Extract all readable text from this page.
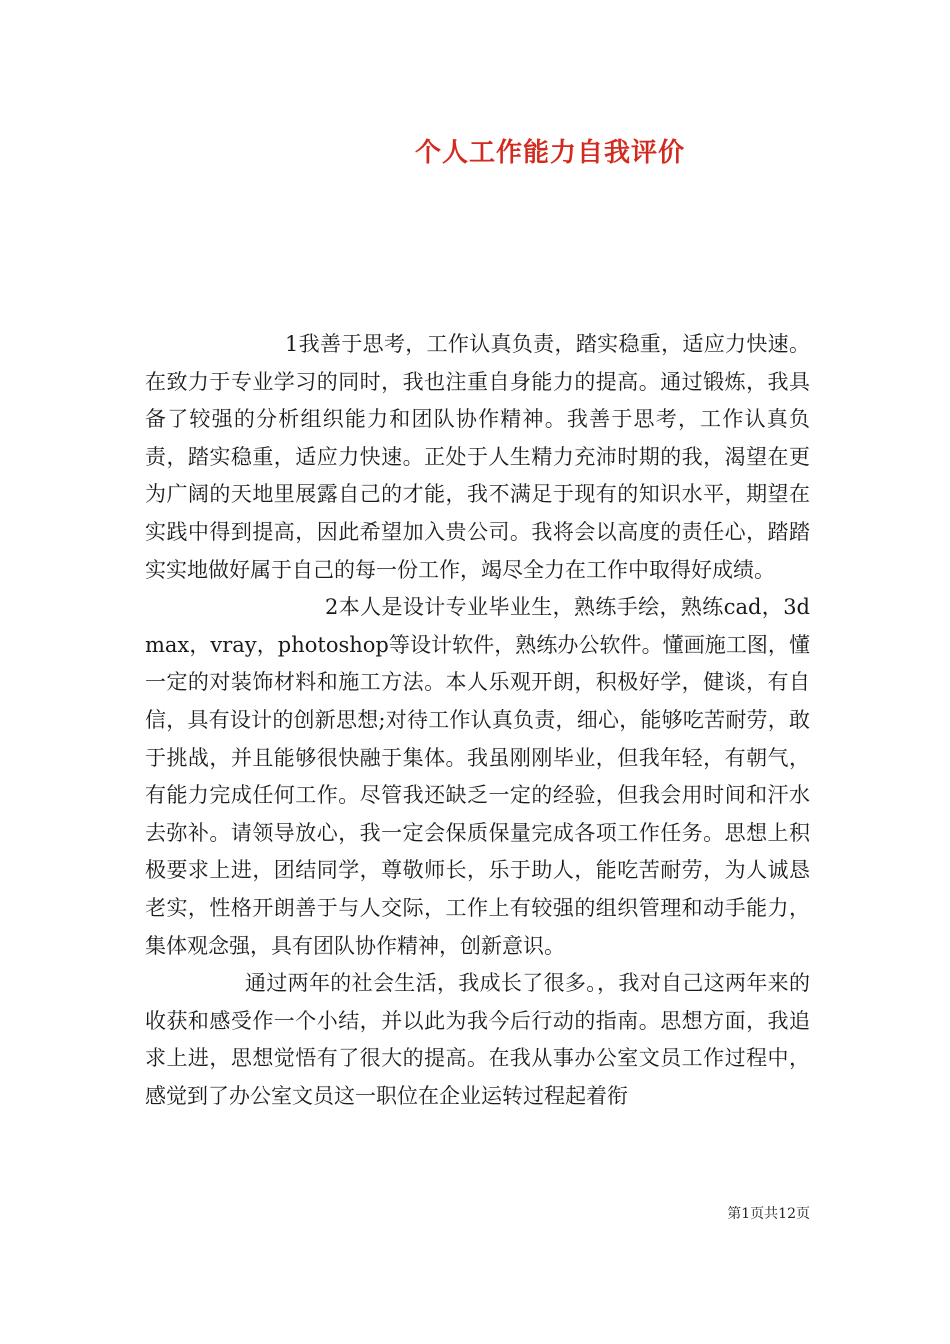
个人工作能力自我评价

1我善于思考，工作认真负责，踏实稳重，适应力快速。在致力于专业学习的同时，我也注重自身能力的提高。通过锻炼，我具备了较强的分析组织能力和团队协作精神。我善于思考，工作认真负责，踏实稳重，适应力快速。正处于人生精力充沛时期的我，渴望在更为广阔的天地里展露自己的才能，我不满足于现有的知识水平，期望在实践中得到提高，因此希望加入贵公司。我将会以高度的责任心，踏踏实实地做好属于自己的每一份工作，竭尽全力在工作中取得好成绩。

2本人是设计专业毕业生，熟练手绘，熟练cad，3dmax，vray，photoshop等设计软件，熟练办公软件。懂画施工图，懂一定的对装饰材料和施工方法。本人乐观开朗，积极好学，健谈，有自信，具有设计的创新思想;对待工作认真负责，细心，能够吃苦耐劳，敢于挑战，并且能够很快融于集体。我虽刚刚毕业，但我年轻，有朝气，有能力完成任何工作。尽管我还缺乏一定的经验，但我会用时间和汗水去弥补。请领导放心，我一定会保质保量完成各项工作任务。思想上积极要求上进，团结同学，尊敬师长，乐于助人，能吃苦耐劳，为人诚恳老实，性格开朗善于与人交际，工作上有较强的组织管理和动手能力，集体观念强，具有团队协作精神，创新意识。

通过两年的社会生活，我成长了很多。，我对自己这两年来的收获和感受作一个小结，并以此为我今后行动的指南。思想方面，我追求上进，思想觉悟有了很大的提高。在我从事办公室文员工作过程中，感觉到了办公室文员这一职位在企业运转过程起着衔

第1页共12页
